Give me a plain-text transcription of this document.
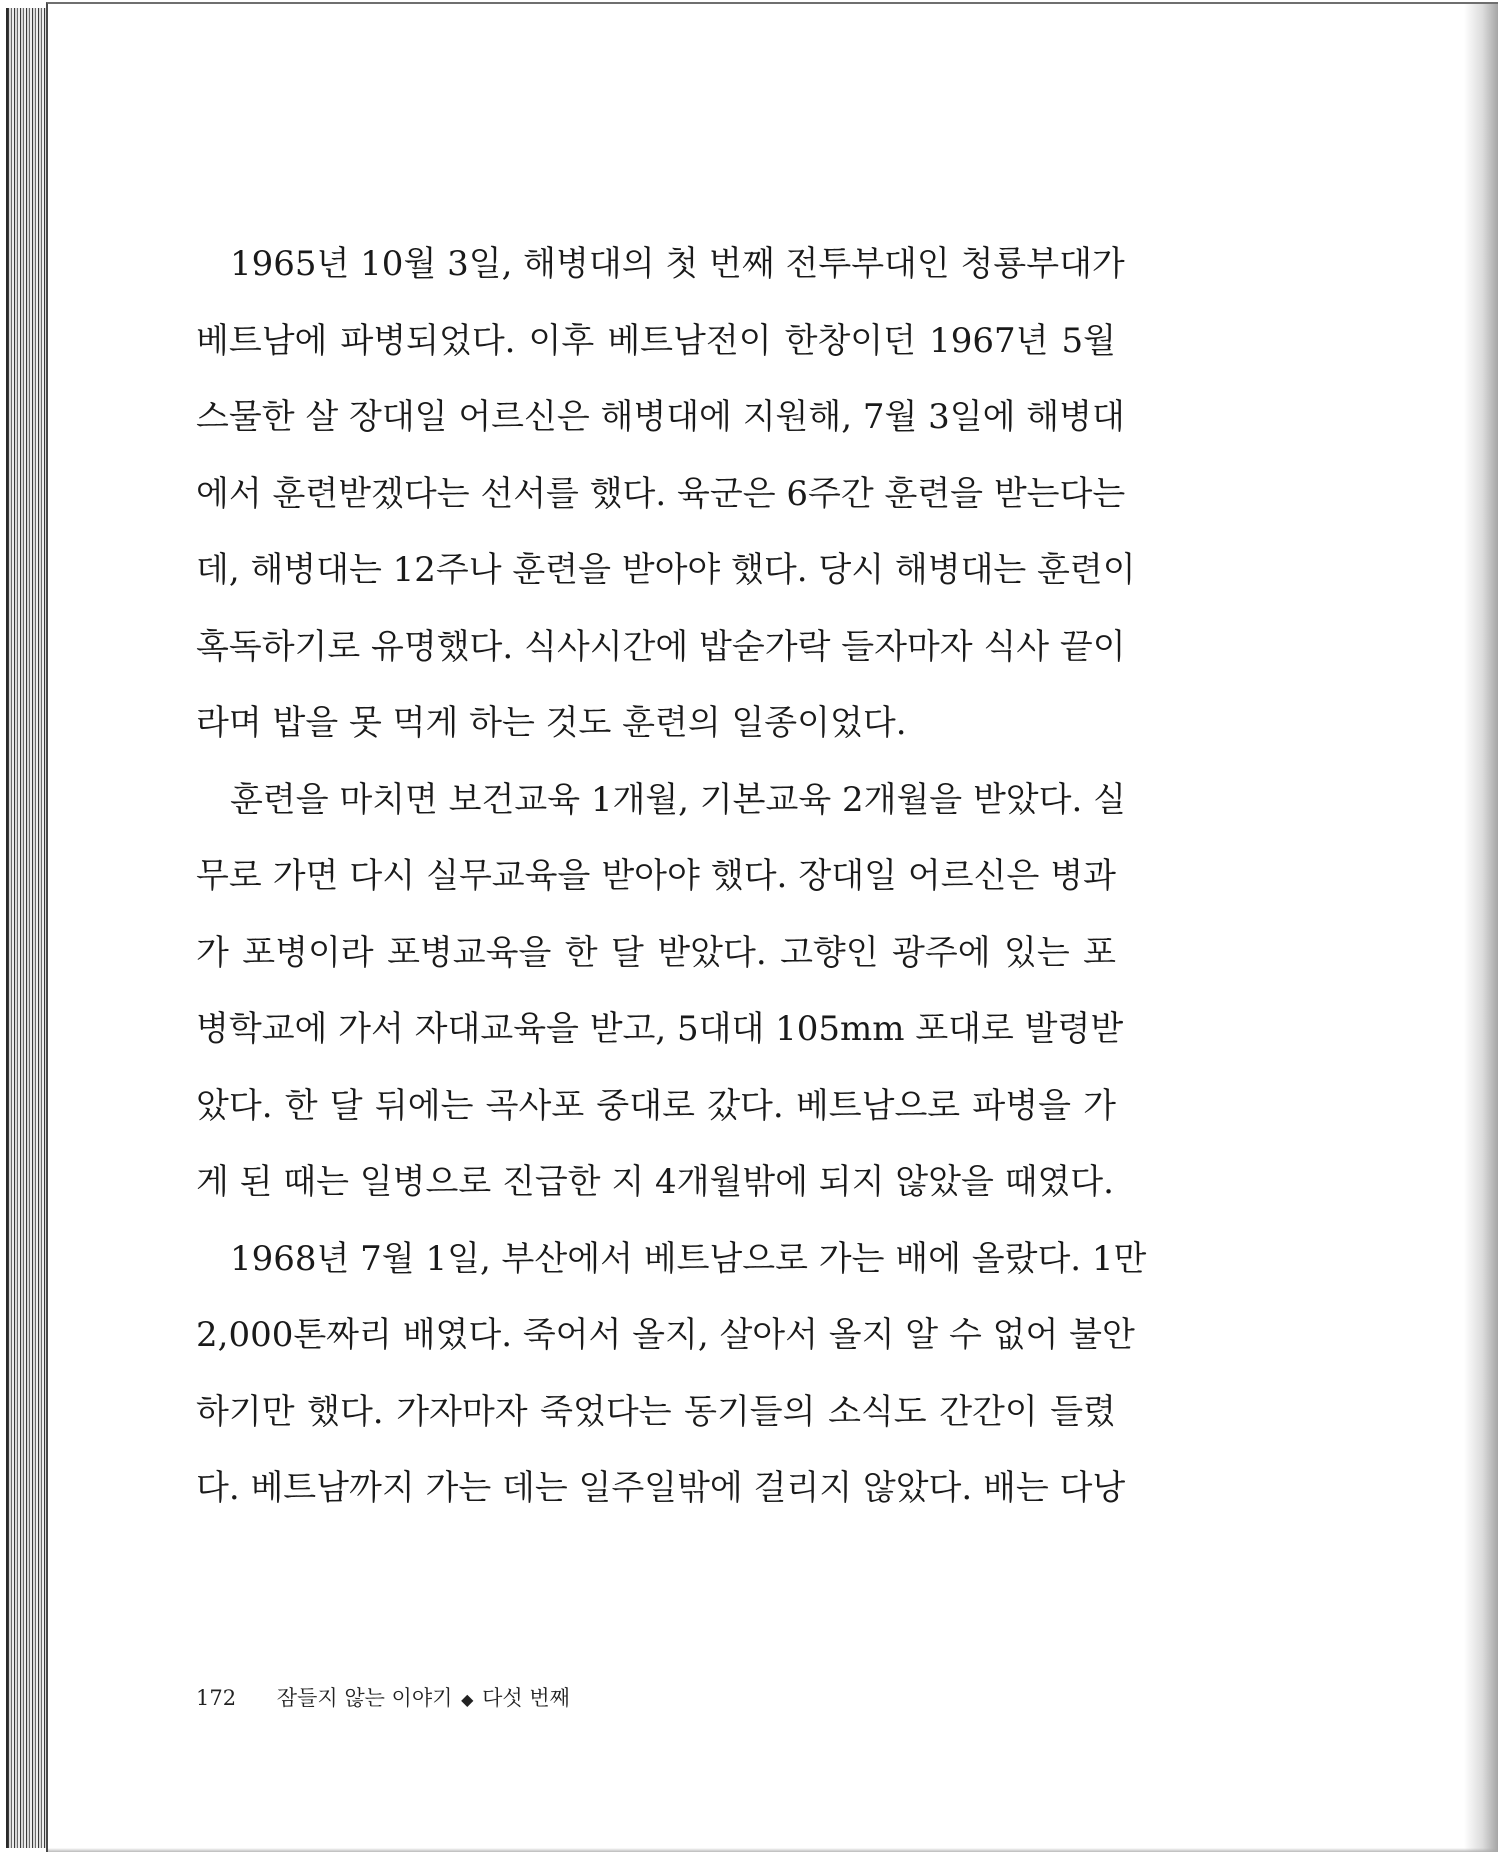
1965년 10월 3일, 해병대의 첫 번째 전투부대인 청룡부대가
베트남에 파병되었다. 이후 베트남전이 한창이던 1967년 5월
스물한 살 장대일 어르신은 해병대에 지원해, 7월 3일에 해병대
에서 훈련받겠다는 선서를 했다. 육군은 6주간 훈련을 받는다는
데, 해병대는 12주나 훈련을 받아야 했다. 당시 해병대는 훈련이
혹독하기로 유명했다. 식사시간에 밥숟가락 들자마자 식사 끝이
라며 밥을 못 먹게 하는 것도 훈련의 일종이었다.
훈련을 마치면 보건교육 1개월, 기본교육 2개월을 받았다. 실
무로 가면 다시 실무교육을 받아야 했다. 장대일 어르신은 병과
가 포병이라 포병교육을 한 달 받았다. 고향인 광주에 있는 포
병학교에 가서 자대교육을 받고, 5대대 105mm 포대로 발령받
았다. 한 달 뒤에는 곡사포 중대로 갔다. 베트남으로 파병을 가
게 된 때는 일병으로 진급한 지 4개월밖에 되지 않았을 때였다.
1968년 7월 1일, 부산에서 베트남으로 가는 배에 올랐다. 1만
2,000톤짜리 배였다. 죽어서 올지, 살아서 올지 알 수 없어 불안
하기만 했다. 가자마자 죽었다는 동기들의 소식도 간간이 들렸
다. 베트남까지 가는 데는 일주일밖에 걸리지 않았다. 배는 다낭
172 잠들지 않는 이야기 ◆ 다섯 번째
